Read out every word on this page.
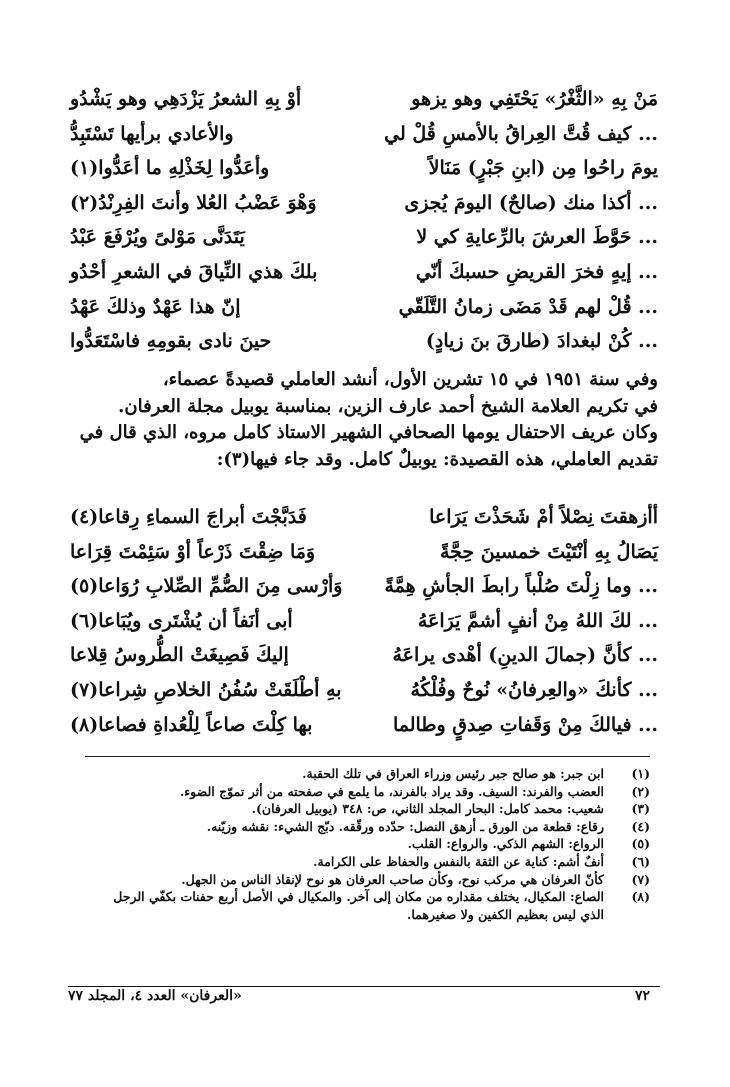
مَنْ بِهِ «الثَّغْرُ» يَحْتَفِي وهو يزهو
أوْ بِهِ الشعرُ يَزْدَهِي وهو يَشْدُو
... كيف قُتَّ العِراقُ بالأمسِ قُلْ لي
والأعادي برأيها تَسْتَبِدُّ
يومَ راحُوا مِن (ابنِ جَبْرٍ) مَنَالاً
وأعَدُّوا لِخَذْلِهِ ما أعَدُّوا(١)
... أكذا منك (صالحٌ) اليومَ يُجزى
وَهْوَ عَضْبُ العُلا وأنتَ الفِرِنْدُ(٢)
... حَوَّطَ العرشَ بالرِّعايةِ كي لا
يَتَدَنَّى مَوْلىً ويُرْفَعَ عَبْدُ
... إيهٍ فخرَ القريضِ حسبكَ أنّي
بلكَ هذي النِّياقَ في الشعرِ أحْدُو
... قُلْ لهم قَدْ مَضَى زمانُ التَّلَقّي
إنّ هذا عَهْدٌ وذلكَ عَهْدُ
... كُنْ لبغدادَ (طارقَ بنَ زيادٍ)
حينَ نادى بقومِهِ فاسْتَعَدُّوا

وفي سنة ١٩٥١ في ١٥ تشرين الأول، أنشد العاملي قصيدةً عصماء،

في تكريم العلامة الشيخ أحمد عارف الزين، بمناسبة يوبيل مجلة العرفان.

وكان عريف الاحتفال يومها الصحافي الشهير الاستاذ كامل مروه، الذي قال في

تقديم العاملي، هذه القصيدة: يوبيلٌ كامل. وقد جاء فيها(٣):

أأزهقتَ نِصْلاً أمْ شَحَذْتَ يَرَاعا
فَدَبَّجْتَ أبراجَ السماءِ رِقاعا(٤)
يَصَالُ بِهِ أنْتَيْتَ خمسينَ حِجَّةً
وَمَا ضِقْتَ ذَرْعاً أوْ سَئِمْتَ قِرَاعا
... وما زِلْتَ صُلْباً رابطَ الجأشِ هِمَّةً
وَأرْسى مِنَ الصُّمِّ الصِّلابِ رُوَاعا(٥)
... لكَ اللهُ مِنْ أنفٍ أشمَّ يَرَاعَهُ
أبى أنَفاً أن يُشْتَرى ويُبَاعا(٦)
... كأنَّ (جمالَ الدينِ) أهْدى يراعَهُ
إليكَ فَصِيغَتْ الطُّروسُ قِلاعا
... كأنكَ «والعِرفانُ» نُوحٌ وفُلْكُهُ
بهِ أطْلَقَتْ سُفُنُ الخلاصِ شِراعا(٧)
... فيالكَ مِنْ وَقَفاتِ صِدقٍ وطالما
بها كِلْتَ صاعاً لِلْعُداةِ فصاعا(٨)
(١)
ابن جبر: هو صالح جبر رئيس وزراء العراق في تلك الحقبة.
(٢)
العضب والفرند: السيف. وقد يراد بالفرند، ما يلمع في صفحته من أثر تموّج الضوء.
(٣)
شعيب: محمد كامل: البحار المجلد الثاني، ص: ٣٤٨ (يوبيل العرفان).
(٤)
رقاع: قطعة من الورق ـ أزهق النصل: حدّده ورقّقه. دبّج الشيء: نقشه وزيّنه.
(٥)
الرواع: الشهم الذكي. والرواع: القلب.
(٦)
أنفٌ أشم: كناية عن الثقة بالنفس والحفاظ على الكرامة.
(٧)
كأنّ العرفان هي مركب نوح، وكأن صاحب العرفان هو نوح لإنقاذ الناس من الجهل.
(٨)
الصاع: المكيال، يختلف مقداره من مكان إلى آخر. والمكيال في الأصل أربع حفنات بكفّي الرجل
الذي ليس بعظيم الكفين ولا صغيرهما.
٧٢
«العرفان» العدد ٤، المجلد ٧٧
